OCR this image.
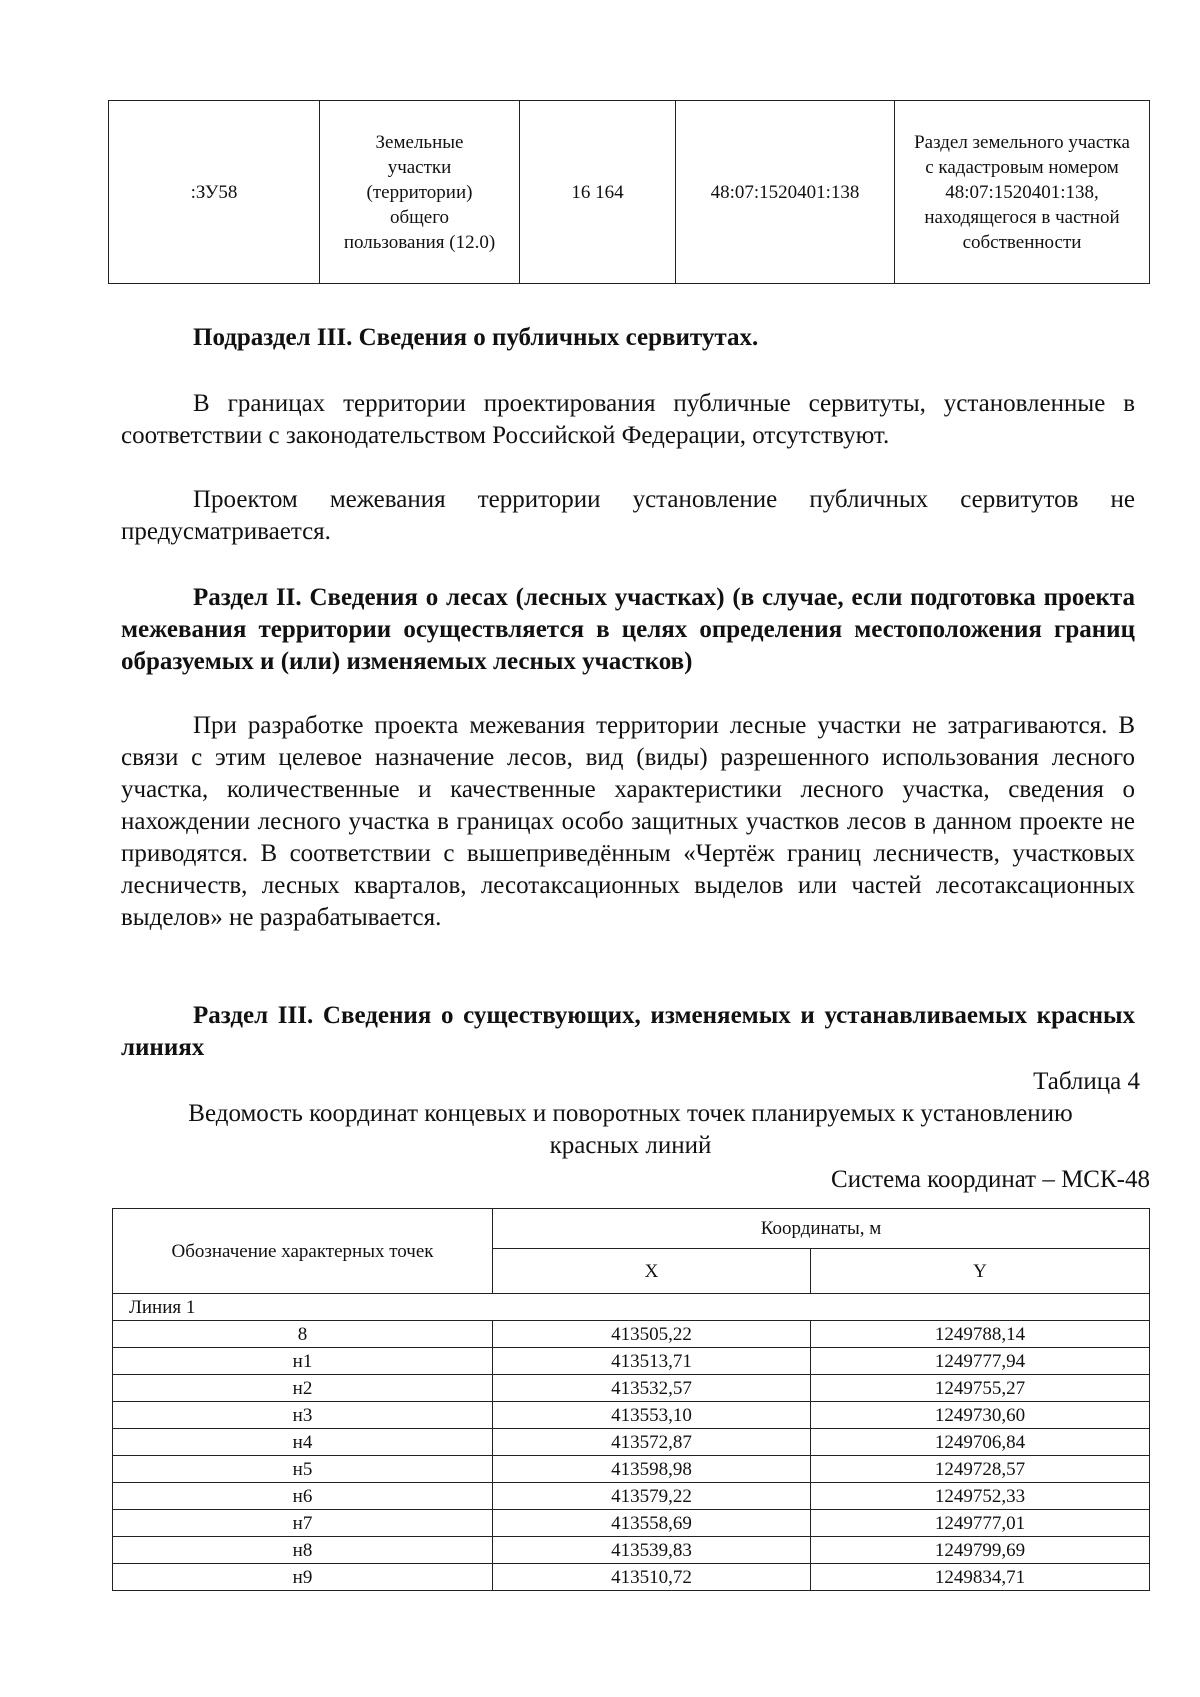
:ЗУ58	Земельные участки (территории) общего пользования (12.0)	16 164	48:07:1520401:138	Раздел земельного участка с кадастровым номером 48:07:1520401:138, находящегося в частной собственности
Подраздел III. Сведения о публичных сервитутах.
В границах территории проектирования публичные сервитуты, установленные в соответствии с законодательством Российской Федерации, отсутствуют.
Проектом межевания территории установление публичных сервитутов не предусматривается.
Раздел II. Сведения о лесах (лесных участках) (в случае, если подготовка проекта межевания территории осуществляется в целях определения местоположения границ образуемых и (или) изменяемых лесных участков)
При разработке проекта межевания территории лесные участки не затрагиваются. В связи с этим целевое назначение лесов, вид (виды) разрешенного использования лесного участка, количественные и качественные характеристики лесного участка, сведения о нахождении лесного участка в границах особо защитных участков лесов в данном проекте не приводятся. В соответствии с вышеприведённым «Чертёж границ лесничеств, участковых лесничеств, лесных кварталов, лесотаксационных выделов или частей лесотаксационных выделов» не разрабатывается.
Раздел III. Сведения о существующих, изменяемых и устанавливаемых красных линиях
Таблица 4
Ведомость координат концевых и поворотных точек планируемых к установлению красных линий
Система координат – МСК-48
Обозначение характерных точек	Координаты, м	
	X	Y
Линия 1		
8	413505,22	1249788,14
н1	413513,71	1249777,94
н2	413532,57	1249755,27
н3	413553,10	1249730,60
н4	413572,87	1249706,84
н5	413598,98	1249728,57
н6	413579,22	1249752,33
н7	413558,69	1249777,01
н8	413539,83	1249799,69
н9	413510,72	1249834,71
